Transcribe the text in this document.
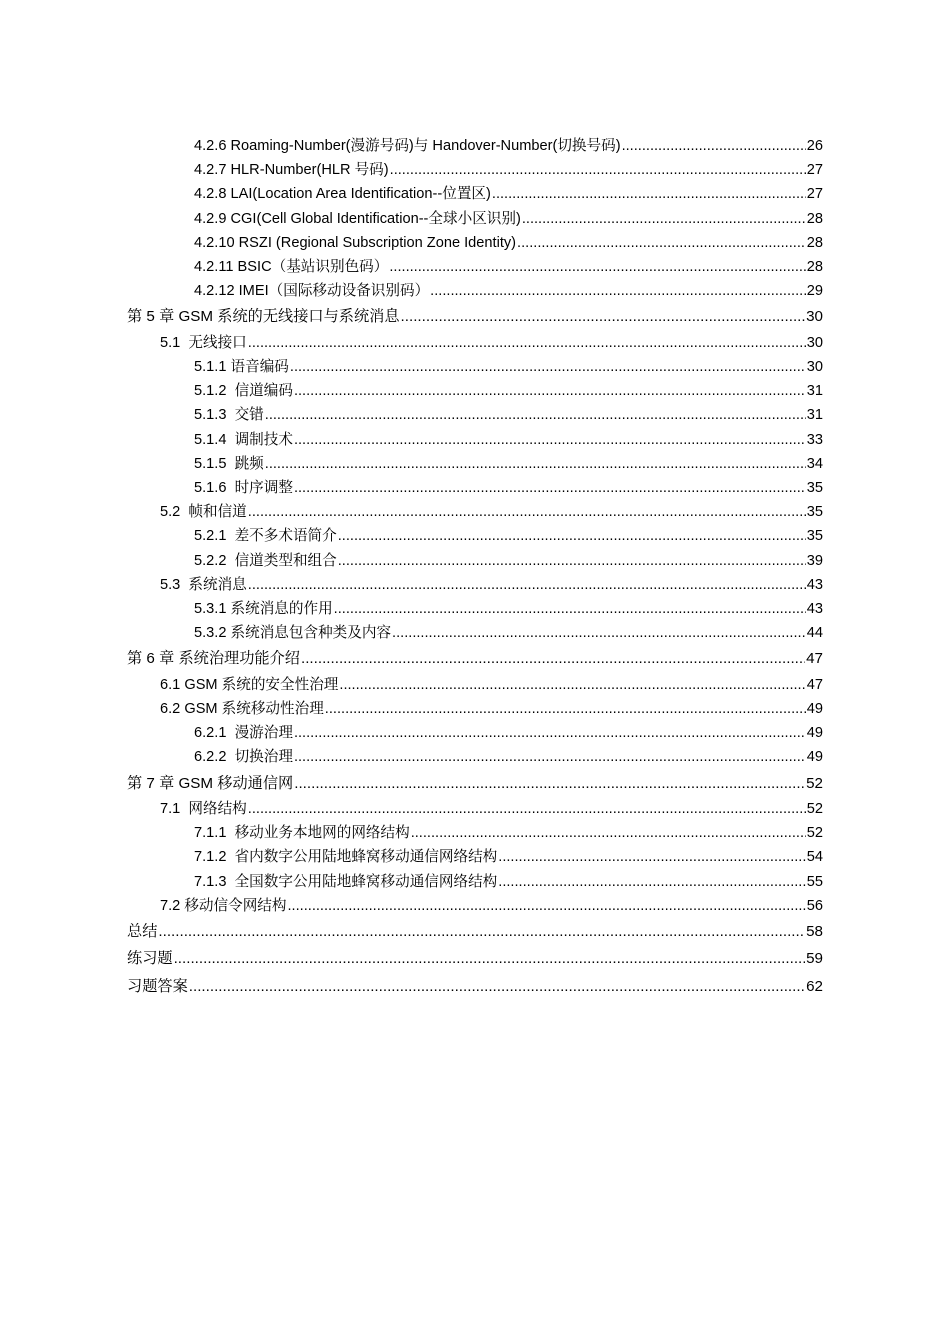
4.2.6 Roaming-Number(漫游号码)与 Handover-Number(切换号码) .....	26
4.2.7 HLR-Number(HLR 号码) .....	27
4.2.8 LAI(Location Area Identification--位置区) .....	27
4.2.9 CGI(Cell Global Identification--全球小区识别) .....	28
4.2.10 RSZI (Regional Subscription Zone Identity) .....	28
4.2.11 BSIC（基站识别色码） .....	28
4.2.12 IMEI（国际移动设备识别码） .....	29
第 5 章 GSM 系统的无线接口与系统消息 .....	30
5.1  无线接口 .....	30
5.1.1 语音编码 .....	30
5.1.2  信道编码 .....	31
5.1.3  交错 .....	31
5.1.4  调制技术 .....	33
5.1.5  跳频 .....	34
5.1.6  时序调整 .....	35
5.2  帧和信道 .....	35
5.2.1  差不多术语简介 .....	35
5.2.2  信道类型和组合 .....	39
5.3  系统消息 .....	43
5.3.1 系统消息的作用 .....	43
5.3.2 系统消息包含种类及内容 .....	44
第 6 章 系统治理功能介绍 .....	47
6.1 GSM 系统的安全性治理 .....	47
6.2 GSM 系统移动性治理 .....	49
6.2.1  漫游治理 .....	49
6.2.2  切换治理 .....	49
第 7 章 GSM 移动通信网 .....	52
7.1  网络结构 .....	52
7.1.1  移动业务本地网的网络结构 .....	52
7.1.2  省内数字公用陆地蜂窝移动通信网络结构 .....	54
7.1.3  全国数字公用陆地蜂窝移动通信网络结构 .....	55
7.2 移动信令网结构 .....	56
总结 .....	58
练习题 .....	59
习题答案 .....	62
